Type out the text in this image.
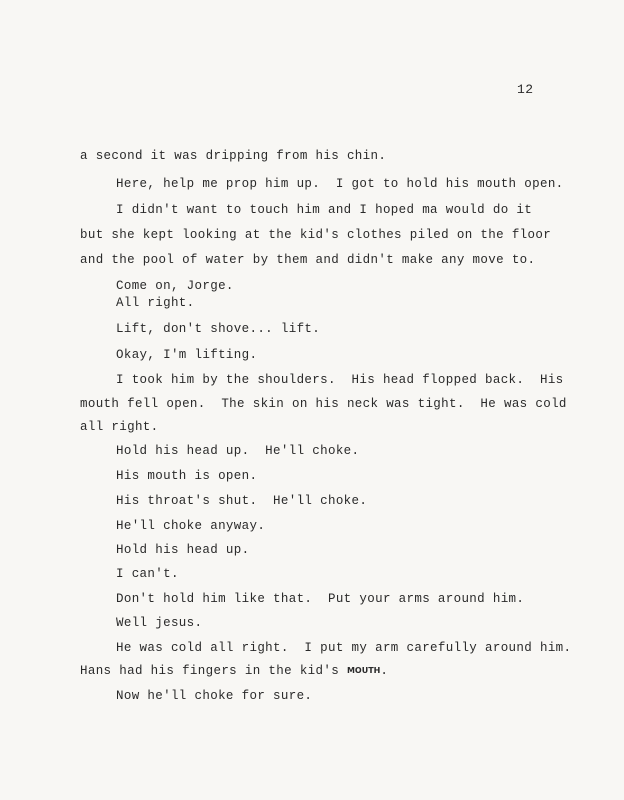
12
a second it was dripping from his chin.
Here, help me prop him up.  I got to hold his mouth open.
I didn't want to touch him and I hoped ma would do it
but she kept looking at the kid's clothes piled on the floor
and the pool of water by them and didn't make any move to.
Come on, Jorge.
All right.
Lift, don't shove... lift.
Okay, I'm lifting.
I took him by the shoulders.  His head flopped back.  His
mouth fell open.  The skin on his neck was tight.  He was cold
all right.
Hold his head up.  He'll choke.
His mouth is open.
His throat's shut.  He'll choke.
He'll choke anyway.
Hold his head up.
I can't.
Don't hold him like that.  Put your arms around him.
Well jesus.
He was cold all right.  I put my arm carefully around him.
Hans had his fingers in the kid's MOUTH.
Now he'll choke for sure.
